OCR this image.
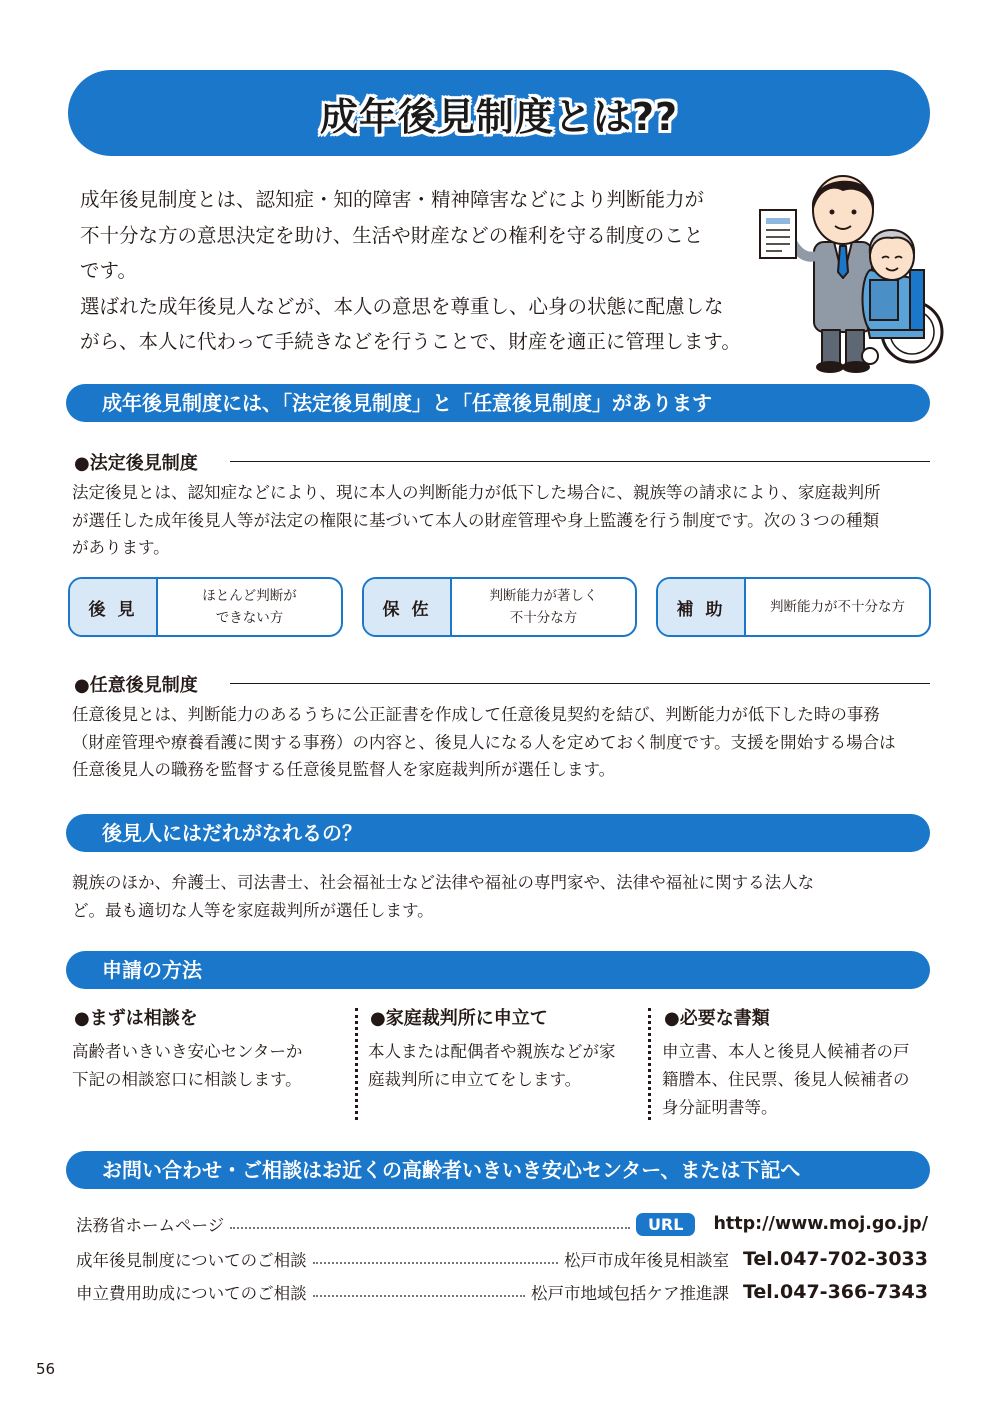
成年後見制度とは??

成年後見制度とは、認知症・知的障害・精神障害などにより判断能力が

不十分な方の意思決定を助け、生活や財産などの権利を守る制度のこと

です。

選ばれた成年後見人などが、本人の意思を尊重し、心身の状態に配慮しな

がら、本人に代わって手続きなどを行うことで、財産を適正に管理します。

成年後見制度には、「法定後見制度」と「任意後見制度」があります
●法定後見制度

法定後見とは、認知症などにより、現に本人の判断能力が低下した場合に、親族等の請求により、家庭裁判所

が選任した成年後見人等が法定の権限に基づいて本人の財産管理や身上監護を行う制度です。次の３つの種類

があります。

後 見
ほとんど判断が
できない方	保 佐
判断能力が著しく
不十分な方	補 助	判断能力が不十分な方
●任意後見制度

任意後見とは、判断能力のあるうちに公正証書を作成して任意後見契約を結び、判断能力が低下した時の事務

（財産管理や療養看護に関する事務）の内容と、後見人になる人を定めておく制度です。支援を開始する場合は

任意後見人の職務を監督する任意後見監督人を家庭裁判所が選任します。

後見人にはだれがなれるの？

親族のほか、弁護士、司法書士、社会福祉士など法律や福祉の専門家や、法律や福祉に関する法人な

ど。最も適切な人等を家庭裁判所が選任します。

申請の方法
●まずは相談を

高齢者いきいき安心センターか

下記の相談窓口に相談します。

●家庭裁判所に申立て

本人または配偶者や親族などが家

庭裁判所に申立てをします。

●必要な書類

申立書、本人と後見人候補者の戸

籍謄本、住民票、後見人候補者の

身分証明書等。

お問い合わせ・ご相談はお近くの高齢者いきいき安心センター、または下記へ
法務省ホームページ	URL	http://www.moj.go.jp/
成年後見制度についてのご相談	松戸市成年後見相談室 Tel.047-702-3033
申立費用助成についてのご相談	松戸市地域包括ケア推進課 Tel.047-366-7343
56
